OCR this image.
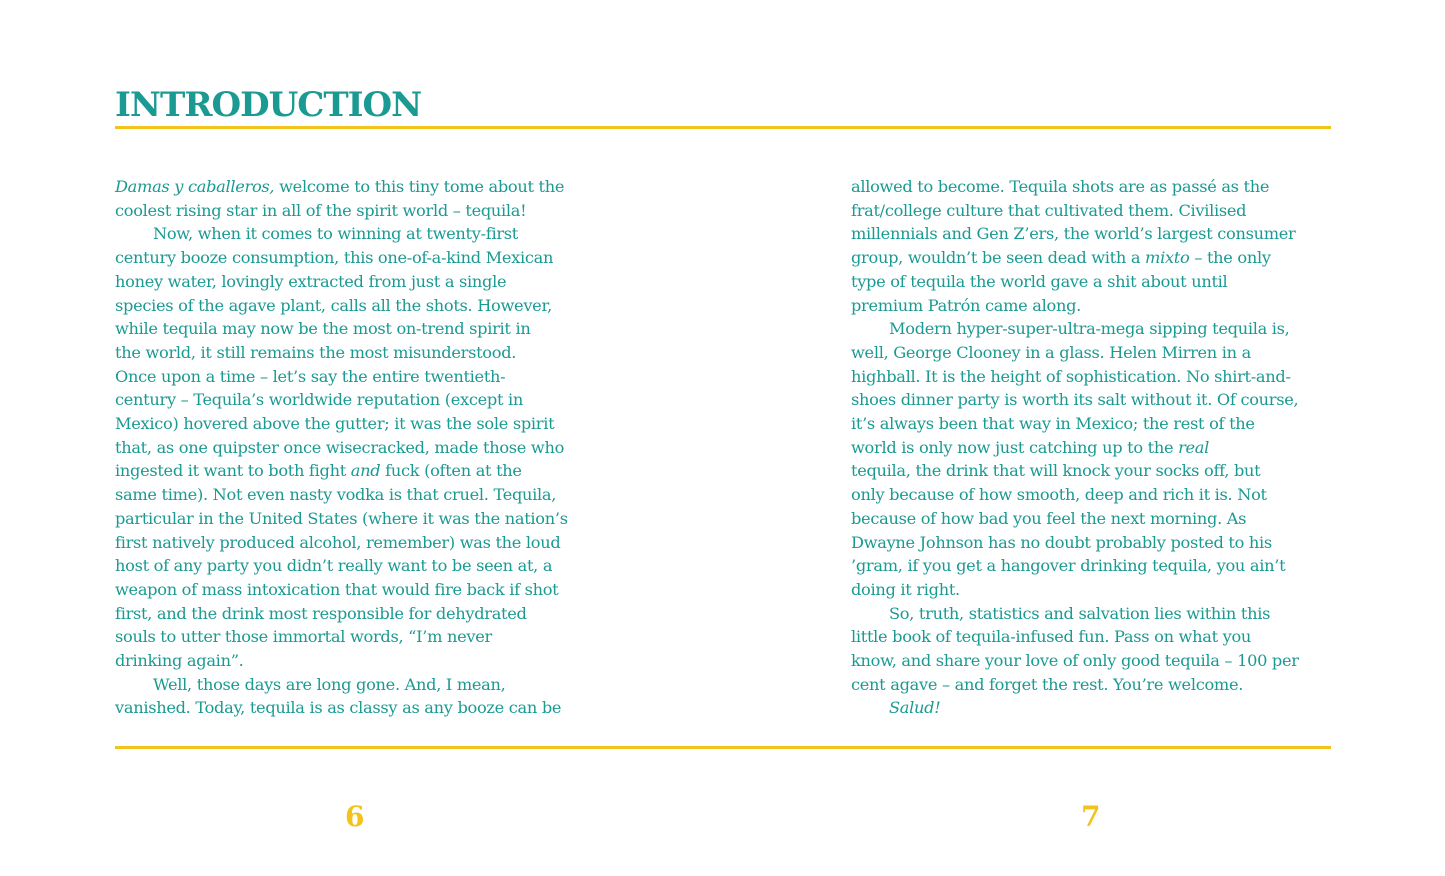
INTRODUCTION
Damas y caballeros, welcome to this tiny tome about the
coolest rising star in all of the spirit world – tequila!
Now, when it comes to winning at twenty-first
century booze consumption, this one-of-a-kind Mexican
honey water, lovingly extracted from just a single
species of the agave plant, calls all the shots. However,
while tequila may now be the most on-trend spirit in
the world, it still remains the most misunderstood.
Once upon a time – let’s say the entire twentieth-
century – Tequila’s worldwide reputation (except in
Mexico) hovered above the gutter; it was the sole spirit
that, as one quipster once wisecracked, made those who
ingested it want to both fight and fuck (often at the
same time). Not even nasty vodka is that cruel. Tequila,
particular in the United States (where it was the nation’s
first natively produced alcohol, remember) was the loud
host of any party you didn’t really want to be seen at, a
weapon of mass intoxication that would fire back if shot
first, and the drink most responsible for dehydrated
souls to utter those immortal words, “I’m never
drinking again”.
Well, those days are long gone. And, I mean,
vanished. Today, tequila is as classy as any booze can be
allowed to become. Tequila shots are as passé as the
frat/college culture that cultivated them. Civilised
millennials and Gen Z’ers, the world’s largest consumer
group, wouldn’t be seen dead with a mixto – the only
type of tequila the world gave a shit about until
premium Patrón came along.
Modern hyper-super-ultra-mega sipping tequila is,
well, George Clooney in a glass. Helen Mirren in a
highball. It is the height of sophistication. No shirt-and-
shoes dinner party is worth its salt without it. Of course,
it’s always been that way in Mexico; the rest of the
world is only now just catching up to the real
tequila, the drink that will knock your socks off, but
only because of how smooth, deep and rich it is. Not
because of how bad you feel the next morning. As
Dwayne Johnson has no doubt probably posted to his
’gram, if you get a hangover drinking tequila, you ain’t
doing it right.
So, truth, statistics and salvation lies within this
little book of tequila-infused fun. Pass on what you
know, and share your love of only good tequila – 100 per
cent agave – and forget the rest. You’re welcome.
Salud!
6	7
